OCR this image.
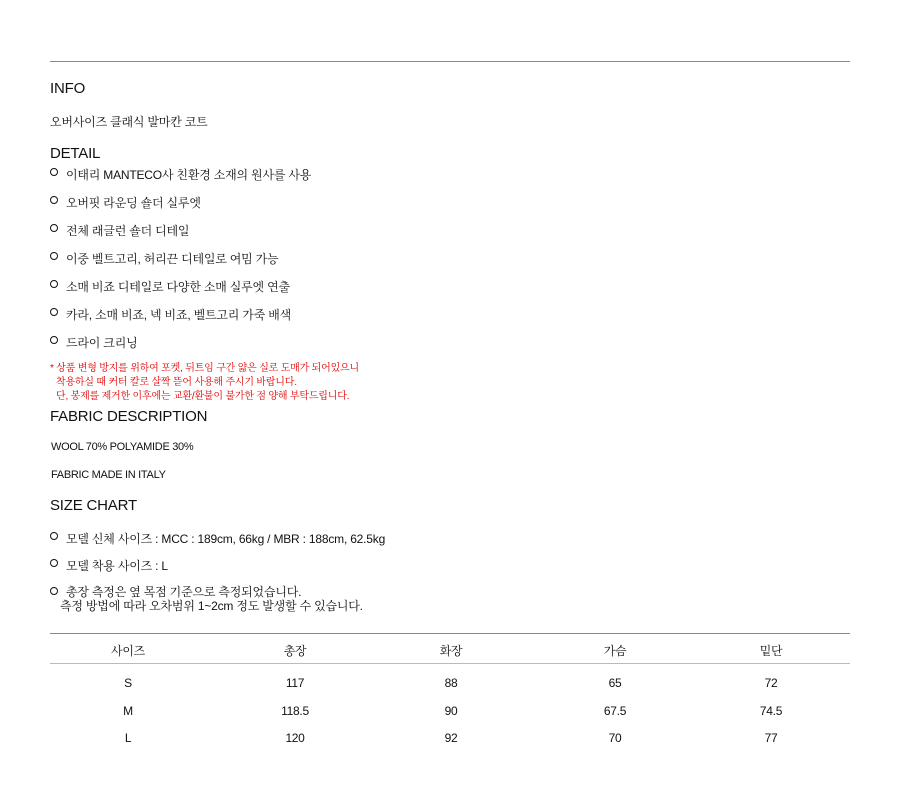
INFO
오버사이즈 클래식 발마칸 코트
DETAIL
이태리 MANTECO사 친환경 소재의 원사를 사용
오버핏 라운딩 숄더 실루엣
전체 래글런 숄더 디테일
이중 벨트고리, 허리끈 디테일로 여밈 가능
소매 비죠 디테일로 다양한 소매 실루엣 연출
카라, 소매 비죠, 넥 비죠, 벨트고리 가죽 배색
드라이 크리닝
* 상품 변형 방지를 위하여 포켓, 뒤트임 구간 얇은 실로 도매가 되어있으니
착용하실 때 커터 칼로 살짝 뜯어 사용해 주시기 바랍니다.
단, 봉제를 제거한 이후에는 교환/환불이 불가한 점 양해 부탁드립니다.
FABRIC DESCRIPTION
WOOL 70% POLYAMIDE 30%
FABRIC MADE IN ITALY
SIZE CHART
모델 신체 사이즈 : MCC : 189cm, 66kg / MBR : 188cm, 62.5kg
모델 착용 사이즈 : L
총장 측정은 옆 목점 기준으로 측정되었습니다.
측정 방법에 따라 오차범위 1~2cm 정도 발생할 수 있습니다.
사이즈	총장	화장	가슴	밑단
S	117	88	65	72
M	118.5	90	67.5	74.5
L	120	92	70	77
